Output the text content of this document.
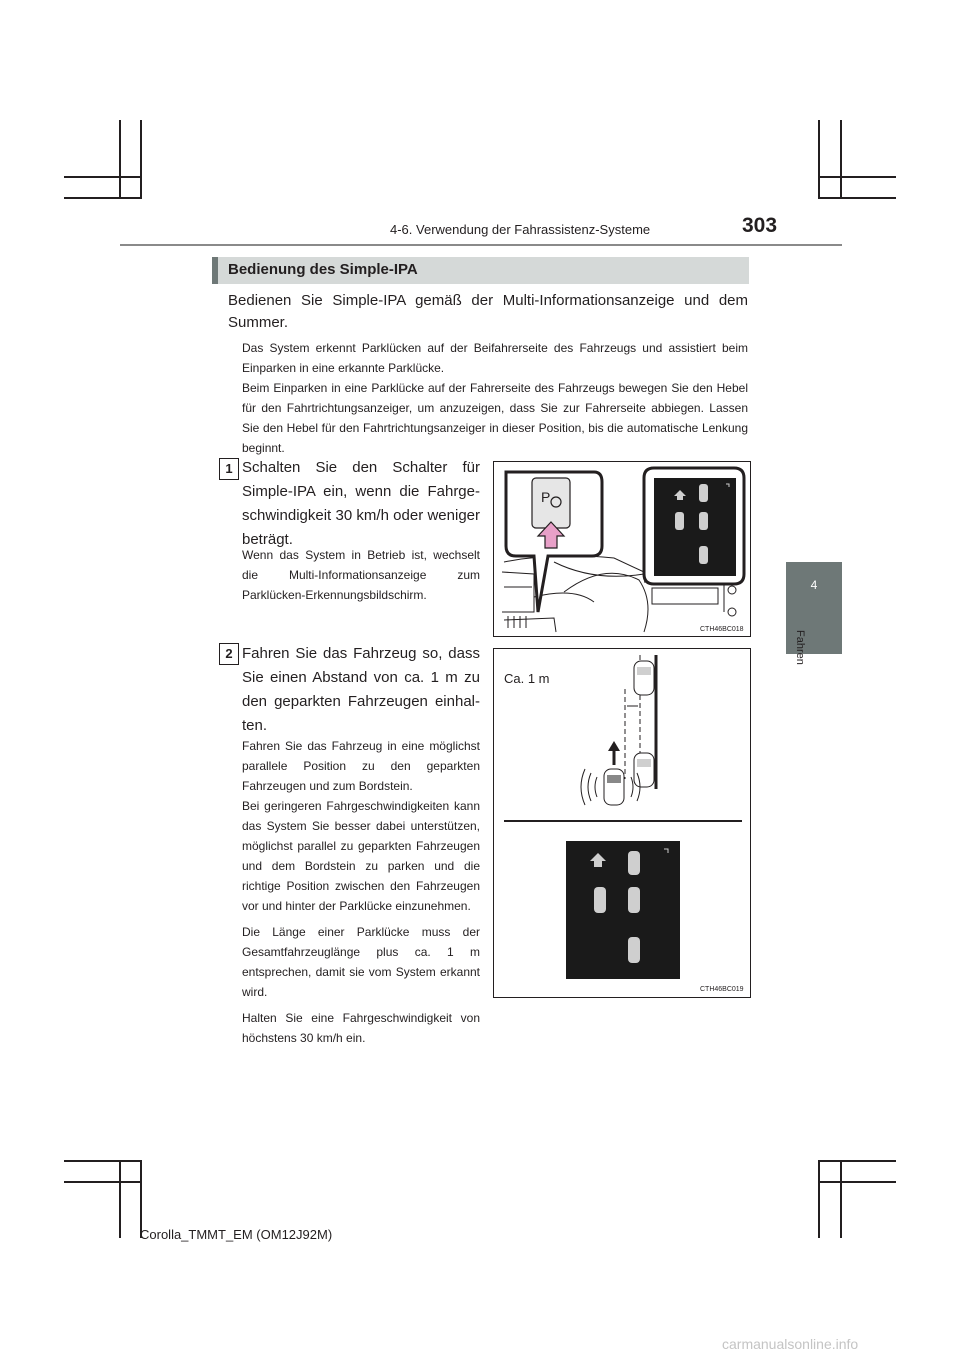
4-6. Verwendung der Fahrassistenz-Systeme	303
4
Fahren
Bedienung des Simple-IPA
Bedienen Sie Simple-IPA gemäß der Multi-Informationsanzeige und dem Summer.
Das System erkennt Parklücken auf der Beifahrerseite des Fahrzeugs und assistiert beim Einparken in eine erkannte Parklücke.
Beim Einparken in eine Parklücke auf der Fahrerseite des Fahrzeugs bewegen Sie den Hebel für den Fahrtrichtungsanzeiger, um anzuzeigen, dass Sie zur Fahrerseite abbiegen. Lassen Sie den Hebel für den Fahrtrichtungsanzeiger in dieser Position, bis die automatische Lenkung beginnt.
1 Schalten Sie den Schalter für Simple-IPA ein, wenn die Fahrgeschwindigkeit 30 km/h oder weniger beträgt.
Wenn das System in Betrieb ist, wechselt die Multi-Informationsanzeige zum Parklücken-Erkennungsbildschirm.
P
CTH46BC018
2 Fahren Sie das Fahrzeug so, dass Sie einen Abstand von ca. 1 m zu den geparkten Fahrzeugen einhalten.
Fahren Sie das Fahrzeug in eine möglichst parallele Position zu den geparkten Fahrzeugen und zum Bordstein.
Bei geringeren Fahrgeschwindigkeiten kann das System Sie besser dabei unterstützen, möglichst parallel zu geparkten Fahrzeugen und dem Bordstein zu parken und die richtige Position zwischen den Fahrzeugen vor und hinter der Parklücke einzunehmen.
Die Länge einer Parklücke muss der Gesamtfahrzeuglänge plus ca. 1 m entsprechen, damit sie vom System erkannt wird.
Halten Sie eine Fahrgeschwindigkeit von höchstens 30 km/h ein.
Ca. 1 m
CTH46BC019
Corolla_TMMT_EM (OM12J92M)
carmanualsonline.info
